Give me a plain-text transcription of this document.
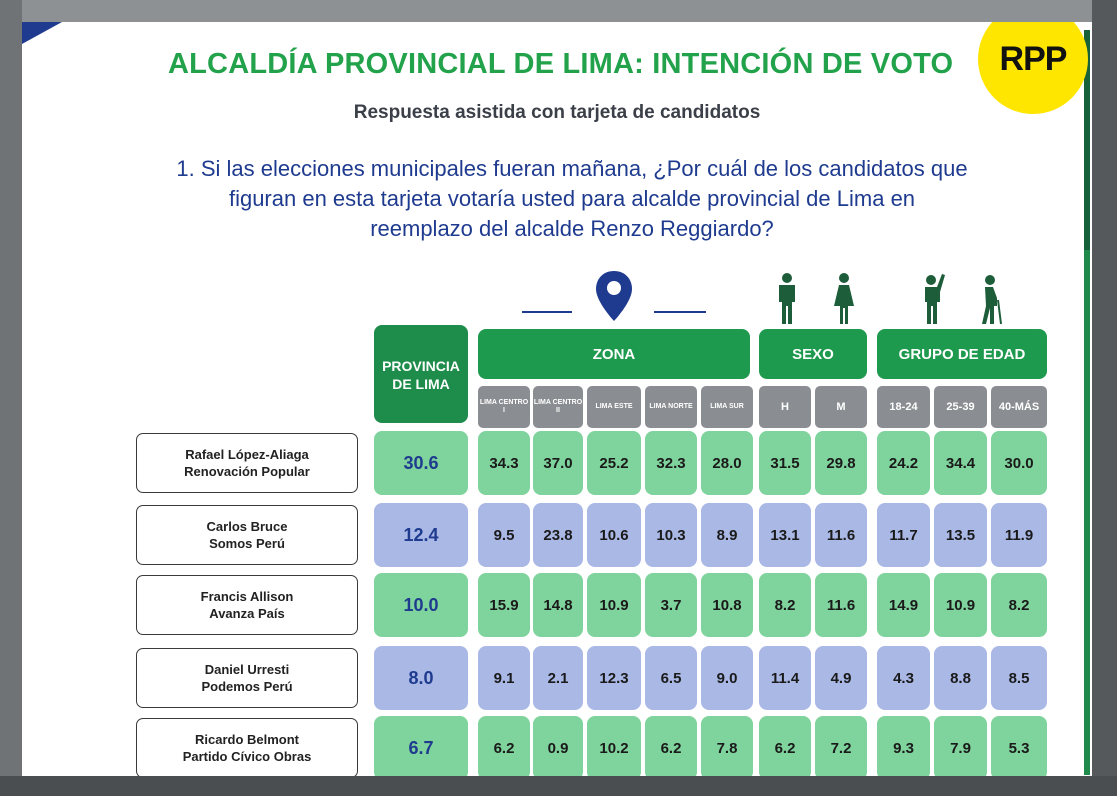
ALCALDÍA PROVINCIAL DE LIMA: INTENCIÓN DE VOTO
Respuesta asistida con tarjeta de candidatos
1. Si las elecciones municipales fueran mañana, ¿Por cuál de los candidatos que
figuran en esta tarjeta votaría usted para alcalde provincial de Lima en
reemplazo del alcalde Renzo Reggiardo?
RPP
PROVINCIA DE LIMA
ZONA	SEXO	GRUPO DE EDAD
LIMA CENTRO I
LIMA CENTRO II
LIMA ESTE	LIMA NORTE	LIMA SUR	H	M	18-24	25-39	40-MÁS
Rafael López-Aliaga
Renovación Popular	30.6	34.3	37.0	25.2	32.3	28.0	31.5	29.8	24.2	34.4	30.0
Carlos Bruce
Somos Perú	12.4	9.5	23.8	10.6	10.3	8.9	13.1	11.6	11.7	13.5	11.9
Francis Allison
Avanza País	10.0	15.9	14.8	10.9	3.7	10.8	8.2	11.6	14.9	10.9	8.2
Daniel Urresti
Podemos Perú	8.0	9.1	2.1	12.3	6.5	9.0	11.4	4.9	4.3	8.8	8.5
Ricardo Belmont
Partido Cívico Obras	6.7	6.2	0.9	10.2	6.2	7.8	6.2	7.2	9.3	7.9	5.3
